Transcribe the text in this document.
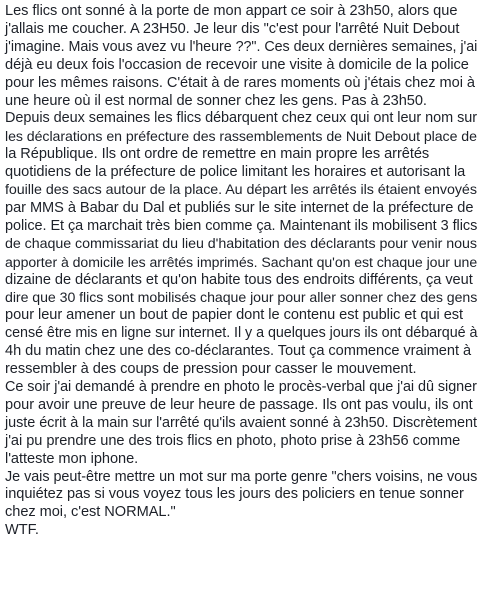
Les flics ont sonné à la porte de mon appart ce soir à 23h50, alors que
j'allais me coucher. A 23H50. Je leur dis "c'est pour l'arrêté Nuit Debout
j'imagine. Mais vous avez vu l'heure ??". Ces deux dernières semaines, j'ai
déjà eu deux fois l'occasion de recevoir une visite à domicile de la police
pour les mêmes raisons. C'était à de rares moments où j'étais chez moi à
une heure où il est normal de sonner chez les gens. Pas à 23h50.
Depuis deux semaines les flics débarquent chez ceux qui ont leur nom sur
les déclarations en préfecture des rassemblements de Nuit Debout place de
la République. Ils ont ordre de remettre en main propre les arrêtés
quotidiens de la préfecture de police limitant les horaires et autorisant la
fouille des sacs autour de la place. Au départ les arrêtés ils étaient envoyés
par MMS à Babar du Dal et publiés sur le site internet de la préfecture de
police. Et ça marchait très bien comme ça. Maintenant ils mobilisent 3 flics
de chaque commissariat du lieu d'habitation des déclarants pour venir nous
apporter à domicile les arrêtés imprimés. Sachant qu'on est chaque jour une
dizaine de déclarants et qu'on habite tous des endroits différents, ça veut
dire que 30 flics sont mobilisés chaque jour pour aller sonner chez des gens
pour leur amener un bout de papier dont le contenu est public et qui est
censé être mis en ligne sur internet. Il y a quelques jours ils ont débarqué à
4h du matin chez une des co-déclarantes. Tout ça commence vraiment à
ressembler à des coups de pression pour casser le mouvement.
Ce soir j'ai demandé à prendre en photo le procès-verbal que j'ai dû signer
pour avoir une preuve de leur heure de passage. Ils ont pas voulu, ils ont
juste écrit à la main sur l'arrêté qu'ils avaient sonné à 23h50. Discrètement
j'ai pu prendre une des trois flics en photo, photo prise à 23h56 comme
l'atteste mon iphone.
Je vais peut-être mettre un mot sur ma porte genre "chers voisins, ne vous
inquiétez pas si vous voyez tous les jours des policiers en tenue sonner
chez moi, c'est NORMAL."
WTF.
